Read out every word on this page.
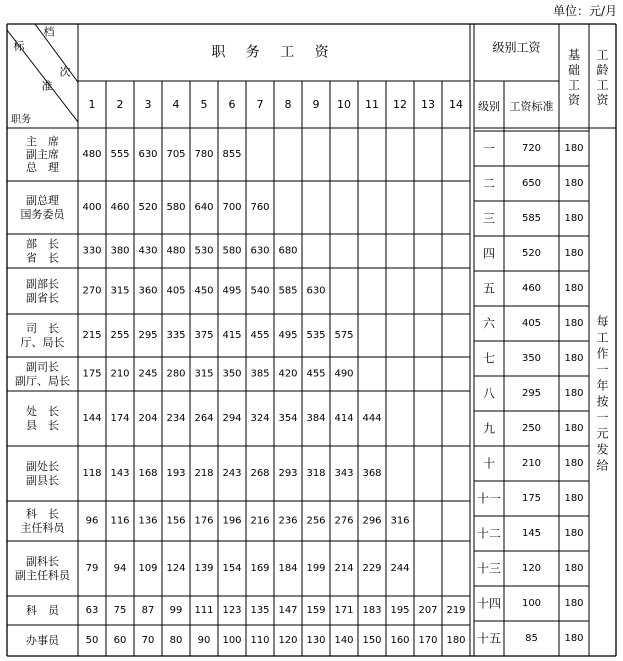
单位：元/月
档
标
次
准
职务
职 务 工 资
1 2 3 4 5 6 7 8 9 10 11 12 13 14
级别工资
级别 工资标准
基
础
工
资
工
龄
工
资
主　席
副主席
总　理
480 555 630 705 780 855
副总理
国务委员
400 460 520 580 640 700 760
部　长
省　长
330 380 430 480 530 580 630 680
副部长
副省长
270 315 360 405 450 495 540 585 630
司　长
厅、局长
215 255 295 335 375 415 455 495 535 575
副司长
副厅、局长
175 210 245 280 315 350 385 420 455 490
处　长
县　长
144 174 204 234 264 294 324 354 384 414 444
副处长
副县长
118 143 168 193 218 243 268 293 318 343 368
科　长
主任科员
96 116 136 156 176 196 216 236 256 276 296 316
副科长
副主任科员
79 94 109 124 139 154 169 184 199 214 229 244
科　员	63 75 87 99 111 123 135 147 159 171 183 195 207 219
办事员	50 60 70 80 90 100 110 120 130 140 150 160 170 180
一	720 180
二	650 180
三	585 180
四	520 180
五	460 180
六	405 180
七	350 180
八	295 180
九	250 180
十	210 180
十一 175 180
十二 145 180
十三 120 180
十四 100 180
十五 85	180
每
工
作
一
年
按
一
元
发
给
